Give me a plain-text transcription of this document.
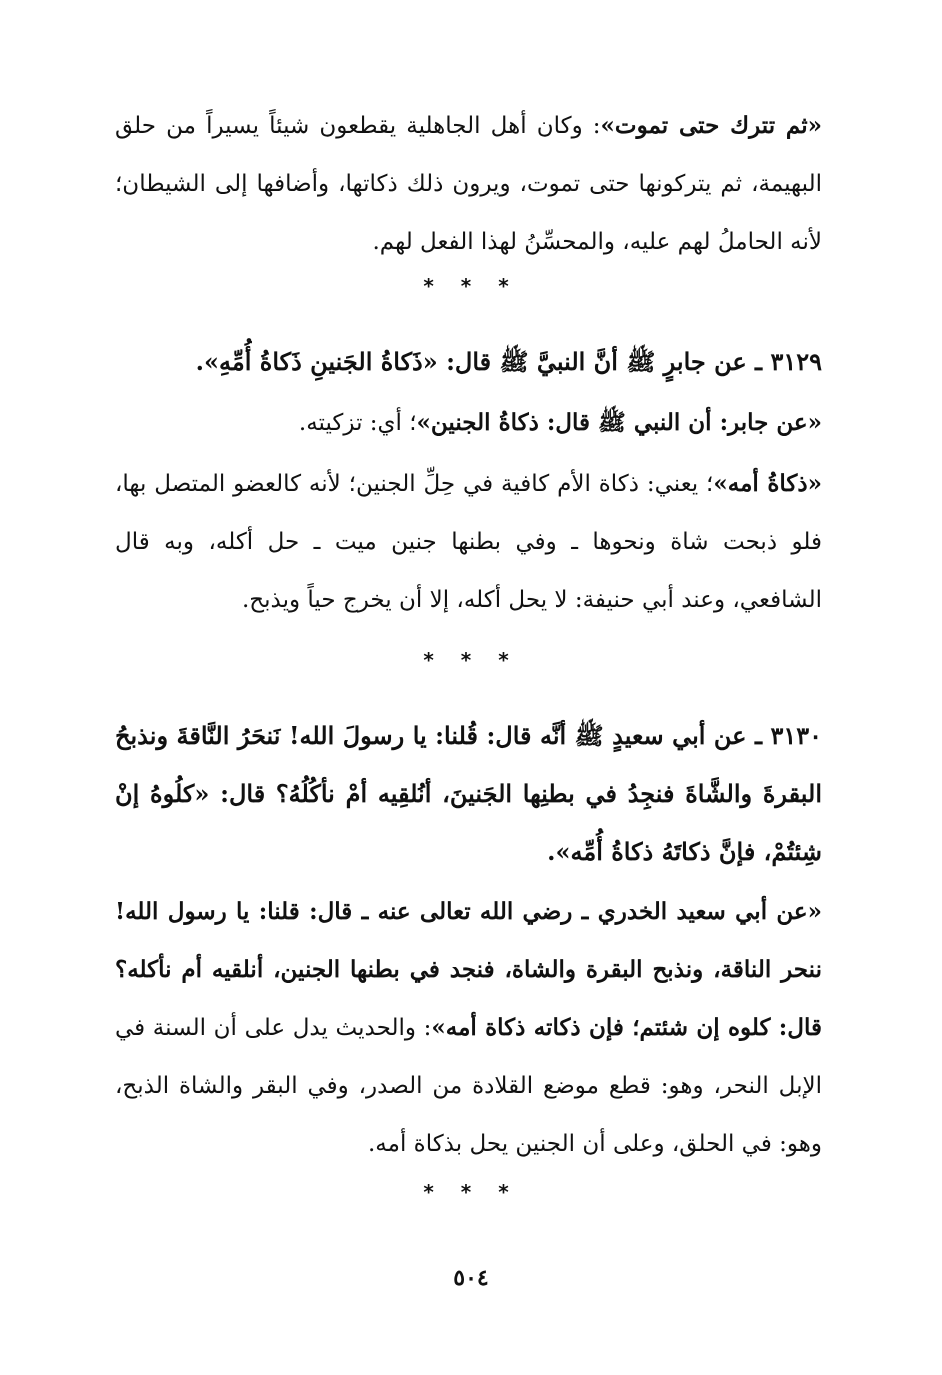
«ثم تترك حتى تموت»: وكان أهل الجاهلية يقطعون شيئاً يسيراً من حلق البهيمة، ثم يتركونها حتى تموت، ويرون ذلك ذكاتها، وأضافها إلى الشيطان؛ لأنه الحاملُ لهم عليه، والمحسِّنُ لهذا الفعل لهم.

* * *

٣١٢٩ ـ عن جابرٍ ﷺ أنَّ النبيَّ ﷺ قال: «ذَكاةُ الجَنينِ ذَكاةُ أُمِّهِ».

«عن جابر: أن النبي ﷺ قال: ذكاةُ الجنين»؛ أي: تزكيته.

«ذكاةُ أمه»؛ يعني: ذكاة الأم كافية في حِلِّ الجنين؛ لأنه كالعضو المتصل بها، فلو ذبحت شاة ونحوها ـ وفي بطنها جنين ميت ـ حل أكله، وبه قال الشافعي، وعند أبي حنيفة: لا يحل أكله، إلا أن يخرج حياً ويذبح.

* * *

٣١٣٠ ـ عن أبي سعيدٍ ﷺ أنَّه قال: قُلنا: يا رسولَ الله! نَنحَرُ النَّاقةَ ونذبحُ البقرةَ والشَّاةَ فنجِدُ في بطنِها الجَنينَ، أنُلقِيه أمْ نأكُلُهُ؟ قال: «كلُوهُ إنْ شِئتُمْ، فإنَّ ذكاتَهُ ذكاةُ أُمِّه».

«عن أبي سعيد الخدري ـ رضي الله تعالى عنه ـ قال: قلنا: يا رسول الله! ننحر الناقة، ونذبح البقرة والشاة، فنجد في بطنها الجنين، أنلقيه أم نأكله؟ قال: كلوه إن شئتم؛ فإن ذكاته ذكاة أمه»: والحديث يدل على أن السنة في الإبل النحر، وهو: قطع موضع القلادة من الصدر، وفي البقر والشاة الذبح، وهو: في الحلق، وعلى أن الجنين يحل بذكاة أمه.

* * *
٥٠٤
